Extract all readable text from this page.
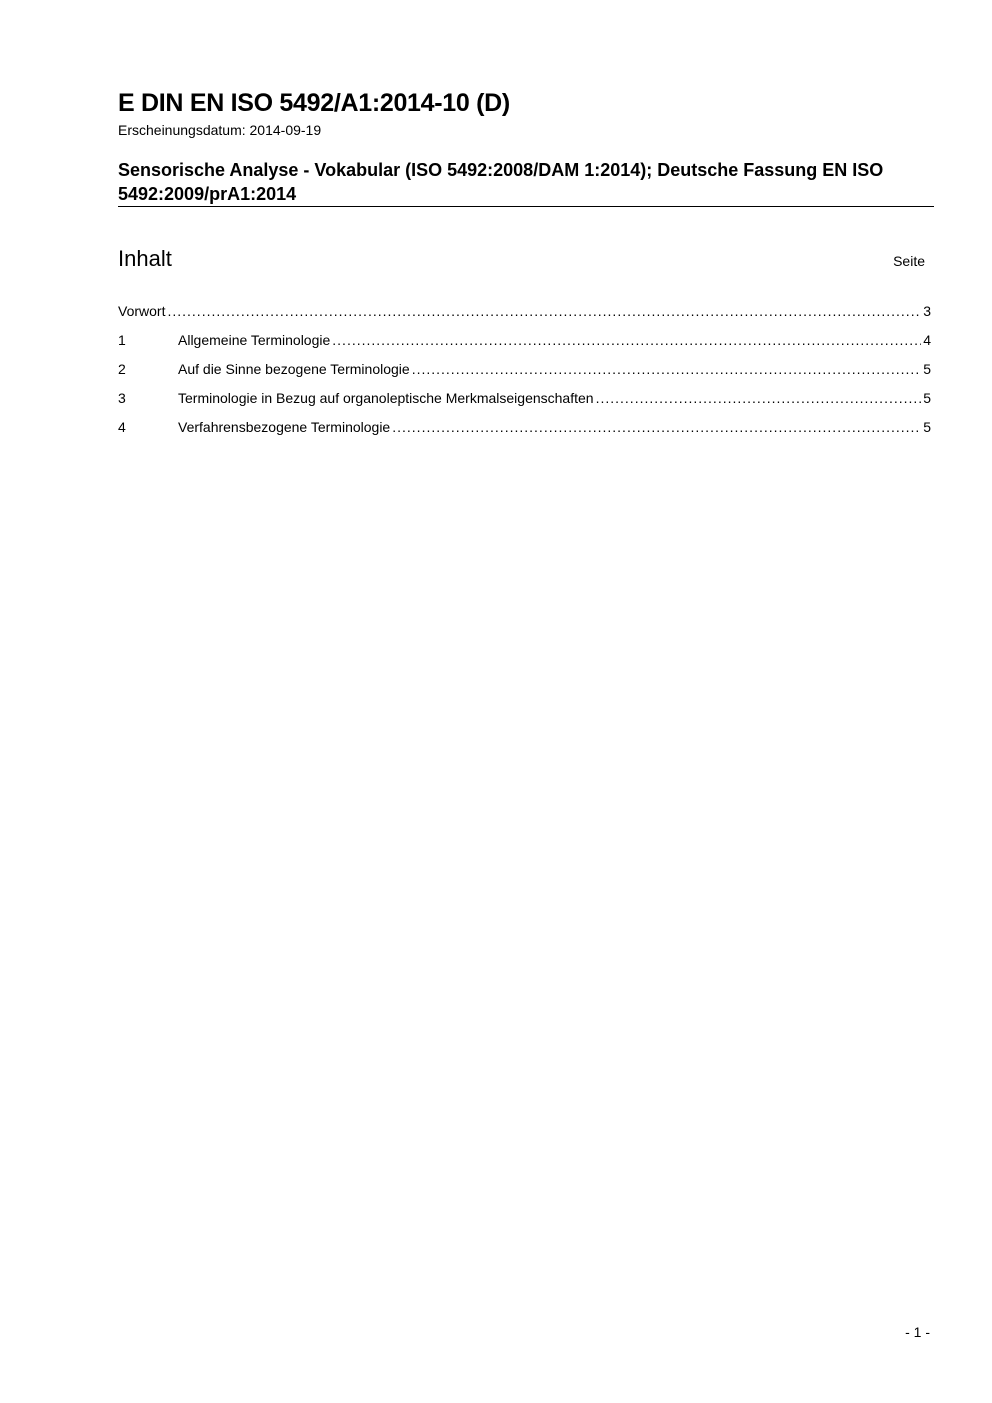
E DIN EN ISO 5492/A1:2014-10 (D)
Erscheinungsdatum: 2014-09-19
Sensorische Analyse - Vokabular (ISO 5492:2008/DAM 1:2014); Deutsche Fassung EN ISO 5492:2009/prA1:2014
Inhalt	Seite
Vorwort .....	3
1	Allgemeine Terminologie .....	4
2	Auf die Sinne bezogene Terminologie .....	5
3	Terminologie in Bezug auf organoleptische Merkmalseigenschaften .....	5
4	Verfahrensbezogene Terminologie .....	5
- 1 -
